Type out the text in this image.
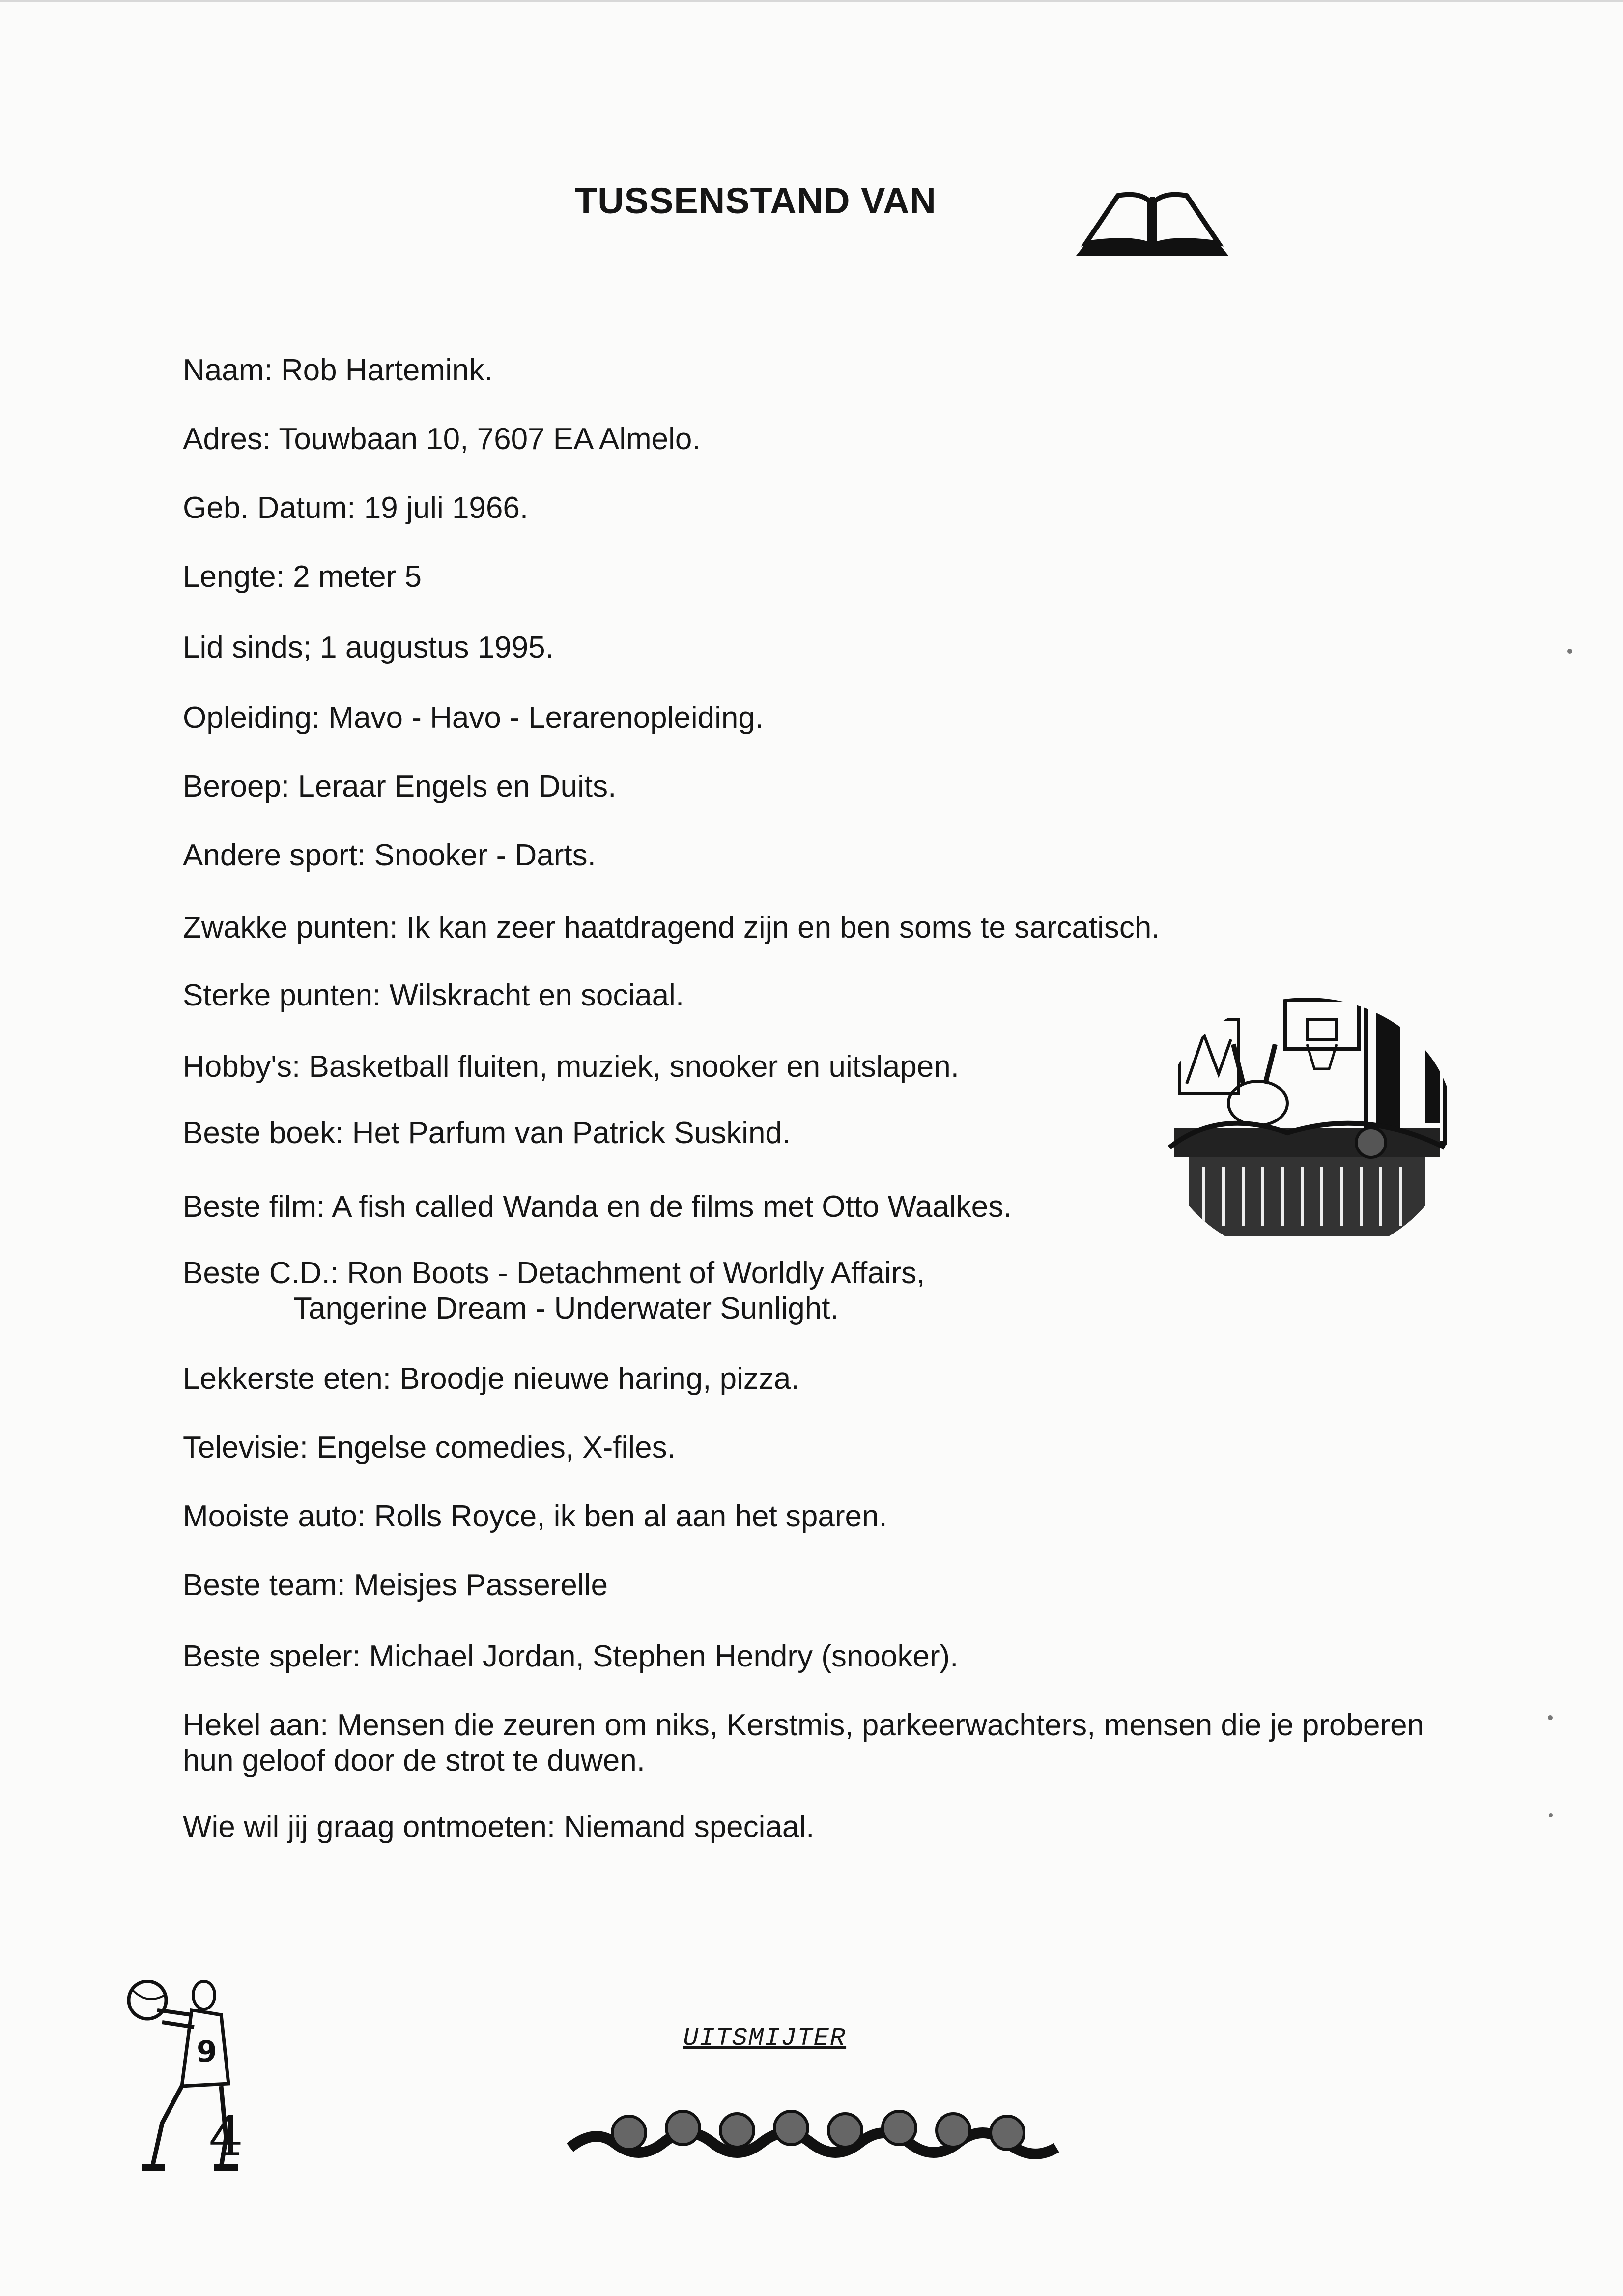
TUSSENSTAND VAN
Naam: Rob Hartemink.
Adres: Touwbaan 10, 7607 EA Almelo.
Geb. Datum: 19 juli 1966.
Lengte: 2 meter 5
Lid sinds; 1 augustus 1995.
Opleiding: Mavo - Havo - Lerarenopleiding.
Beroep: Leraar Engels en Duits.
Andere sport: Snooker - Darts.
Zwakke punten: Ik kan zeer haatdragend zijn en ben soms te sarcatisch.
Sterke punten: Wilskracht en sociaal.
Hobby's: Basketball fluiten, muziek, snooker en uitslapen.
Beste boek: Het Parfum van Patrick Suskind.
Beste film: A fish called Wanda en de films met Otto Waalkes.
Beste C.D.: Ron Boots - Detachment of Worldly Affairs,
Tangerine Dream - Underwater Sunlight.
Lekkerste eten: Broodje nieuwe haring, pizza.
Televisie: Engelse comedies, X-files.
Mooiste auto: Rolls Royce, ik ben al aan het sparen.
Beste team: Meisjes Passerelle
Beste speler: Michael Jordan, Stephen Hendry (snooker).
Hekel aan: Mensen die zeuren om niks, Kerstmis, parkeerwachters, mensen die je proberen
hun geloof door de strot te duwen.
Wie wil jij graag ontmoeten: Niemand speciaal.
9
4
UITSMIJTER
